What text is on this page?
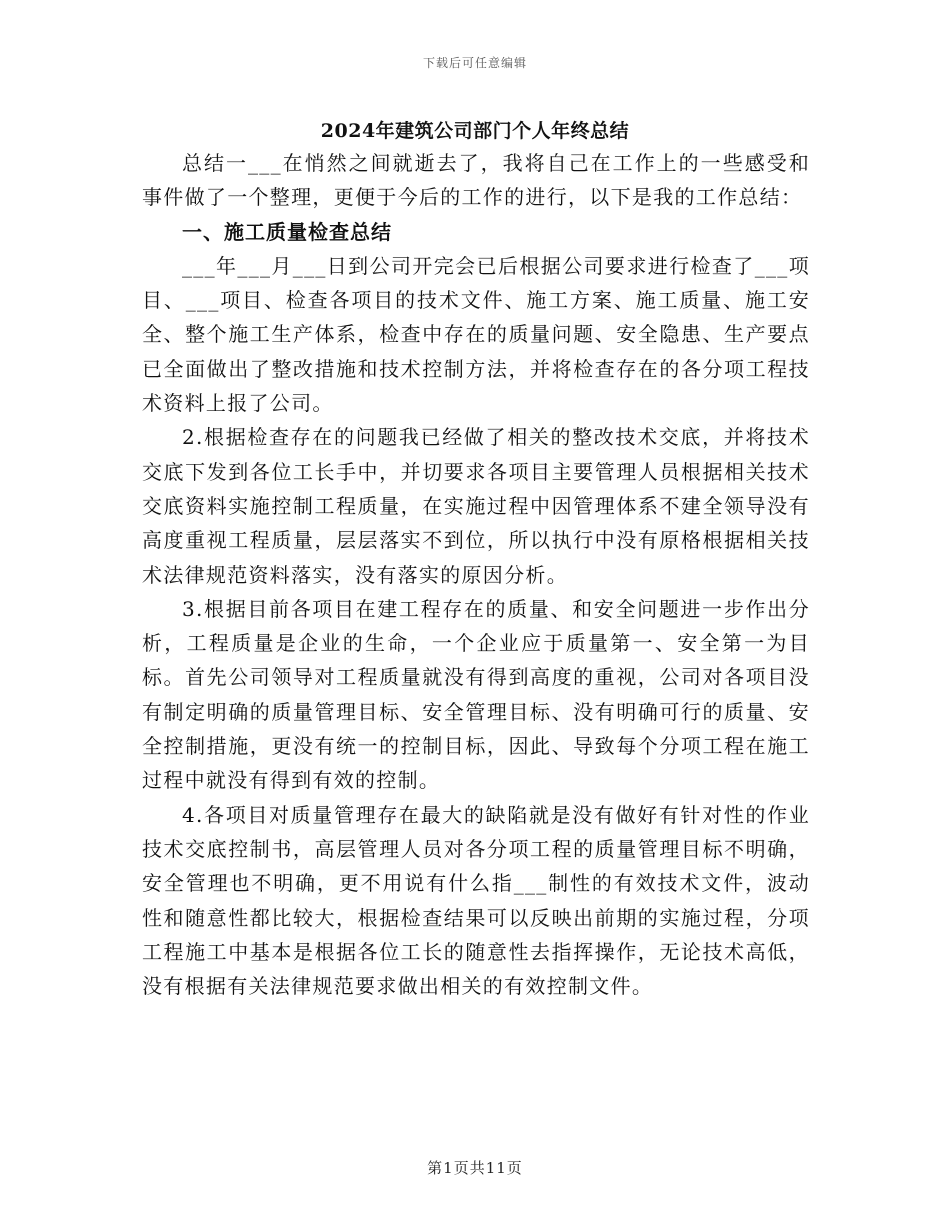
下载后可任意编辑
2024年建筑公司部门个人年终总结

总结一___在悄然之间就逝去了，我将自己在工作上的一些感受和事件做了一个整理，更便于今后的工作的进行，以下是我的工作总结：

一、施工质量检查总结

___年___月___日到公司开完会已后根据公司要求进行检查了___项目、___项目、检查各项目的技术文件、施工方案、施工质量、施工安全、整个施工生产体系，检查中存在的质量问题、安全隐患、生产要点已全面做出了整改措施和技术控制方法，并将检查存在的各分项工程技术资料上报了公司。

2.根据检查存在的问题我已经做了相关的整改技术交底，并将技术交底下发到各位工长手中，并切要求各项目主要管理人员根据相关技术交底资料实施控制工程质量，在实施过程中因管理体系不建全领导没有高度重视工程质量，层层落实不到位，所以执行中没有原格根据相关技术法律规范资料落实，没有落实的原因分析。

3.根据目前各项目在建工程存在的质量、和安全问题进一步作出分析，工程质量是企业的生命，一个企业应于质量第一、安全第一为目标。首先公司领导对工程质量就没有得到高度的重视，公司对各项目没有制定明确的质量管理目标、安全管理目标、没有明确可行的质量、安全控制措施，更没有统一的控制目标，因此、导致每个分项工程在施工过程中就没有得到有效的控制。

4.各项目对质量管理存在最大的缺陷就是没有做好有针对性的作业技术交底控制书，高层管理人员对各分项工程的质量管理目标不明确，安全管理也不明确，更不用说有什么指___制性的有效技术文件，波动性和随意性都比较大，根据检查结果可以反映出前期的实施过程，分项工程施工中基本是根据各位工长的随意性去指挥操作，无论技术高低，没有根据有关法律规范要求做出相关的有效控制文件。

第1页共11页
